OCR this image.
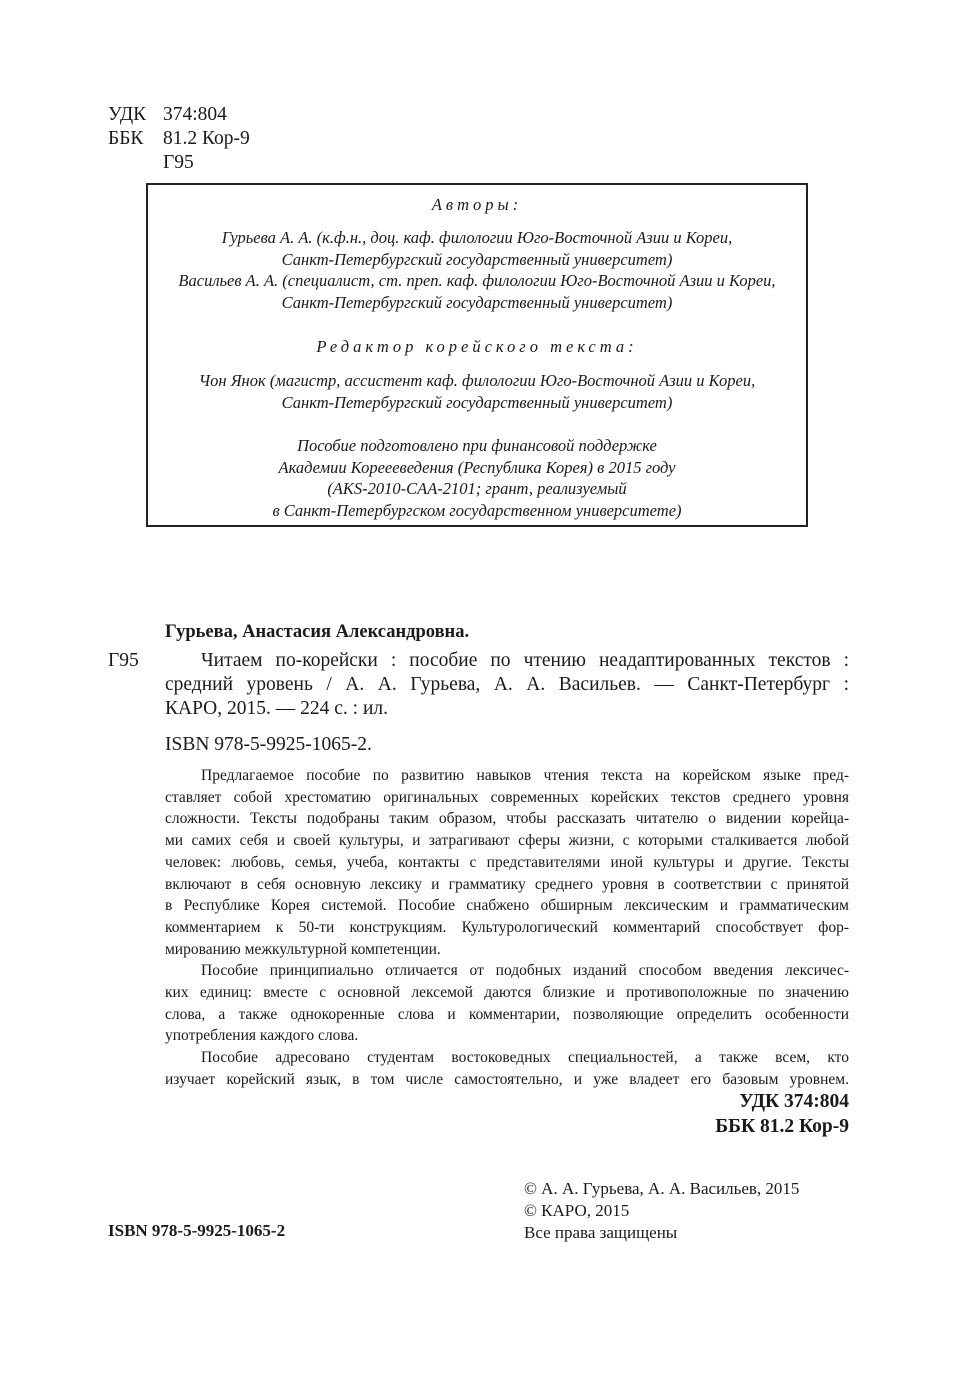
УДК 374:804
ББК 81.2 Кор-9
Г95
Авторы:
Гурьева А. А. (к.ф.н., доц. каф. филологии Юго-Восточной Азии и Кореи,
Санкт-Петербургский государственный университет)
Васильев А. А. (специалист, ст. преп. каф. филологии Юго-Восточной Азии и Кореи,
Санкт-Петербургский государственный университет)
Редактор корейского текста:
Чон Янок (магистр, ассистент каф. филологии Юго-Восточной Азии и Кореи,
Санкт-Петербургский государственный университет)
Пособие подготовлено при финансовой поддержке
Академии Кореееведения (Республика Корея) в 2015 году
(AKS-2010-CAA-2101; грант, реализуемый
в Санкт-Петербургском государственном университете)
Гурьева, Анастасия Александровна.
Г95	Читаем по-корейски : пособие по чтению неадаптированных текстов :
средний уровень / А. А. Гурьева, А. А. Васильев. — Санкт-Петербург :
КАРО, 2015. — 224 с. : ил.
ISBN 978-5-9925-1065-2.
Предлагаемое пособие по развитию навыков чтения текста на корейском языке пред-
ставляет собой хрестоматию оригинальных современных корейских текстов среднего уровня
сложности. Тексты подобраны таким образом, чтобы рассказать читателю о видении корейца-
ми самих себя и своей культуры, и затрагивают сферы жизни, с которыми сталкивается любой
человек: любовь, семья, учеба, контакты с представителями иной культуры и другие. Тексты
включают в себя основную лексику и грамматику среднего уровня в соответствии с принятой
в Республике Корея системой. Пособие снабжено обширным лексическим и грамматическим
комментарием к 50-ти конструкциям. Культурологический комментарий способствует фор-
мированию межкультурной компетенции.
Пособие принципиально отличается от подобных изданий способом введения лексичес-
ких единиц: вместе с основной лексемой даются близкие и противоположные по значению
слова, а также однокоренные слова и комментарии, позволяющие определить особенности
употребления каждого слова.
Пособие адресовано студентам востоковедных специальностей, а также всем, кто
изучает корейский язык, в том числе самостоятельно, и уже владеет его базовым уровнем.
УДК 374:804
ББК 81.2 Кор-9
© А. А. Гурьева, А. А. Васильев, 2015
© КАРО, 2015
Все права защищены
ISBN 978-5-9925-1065-2
